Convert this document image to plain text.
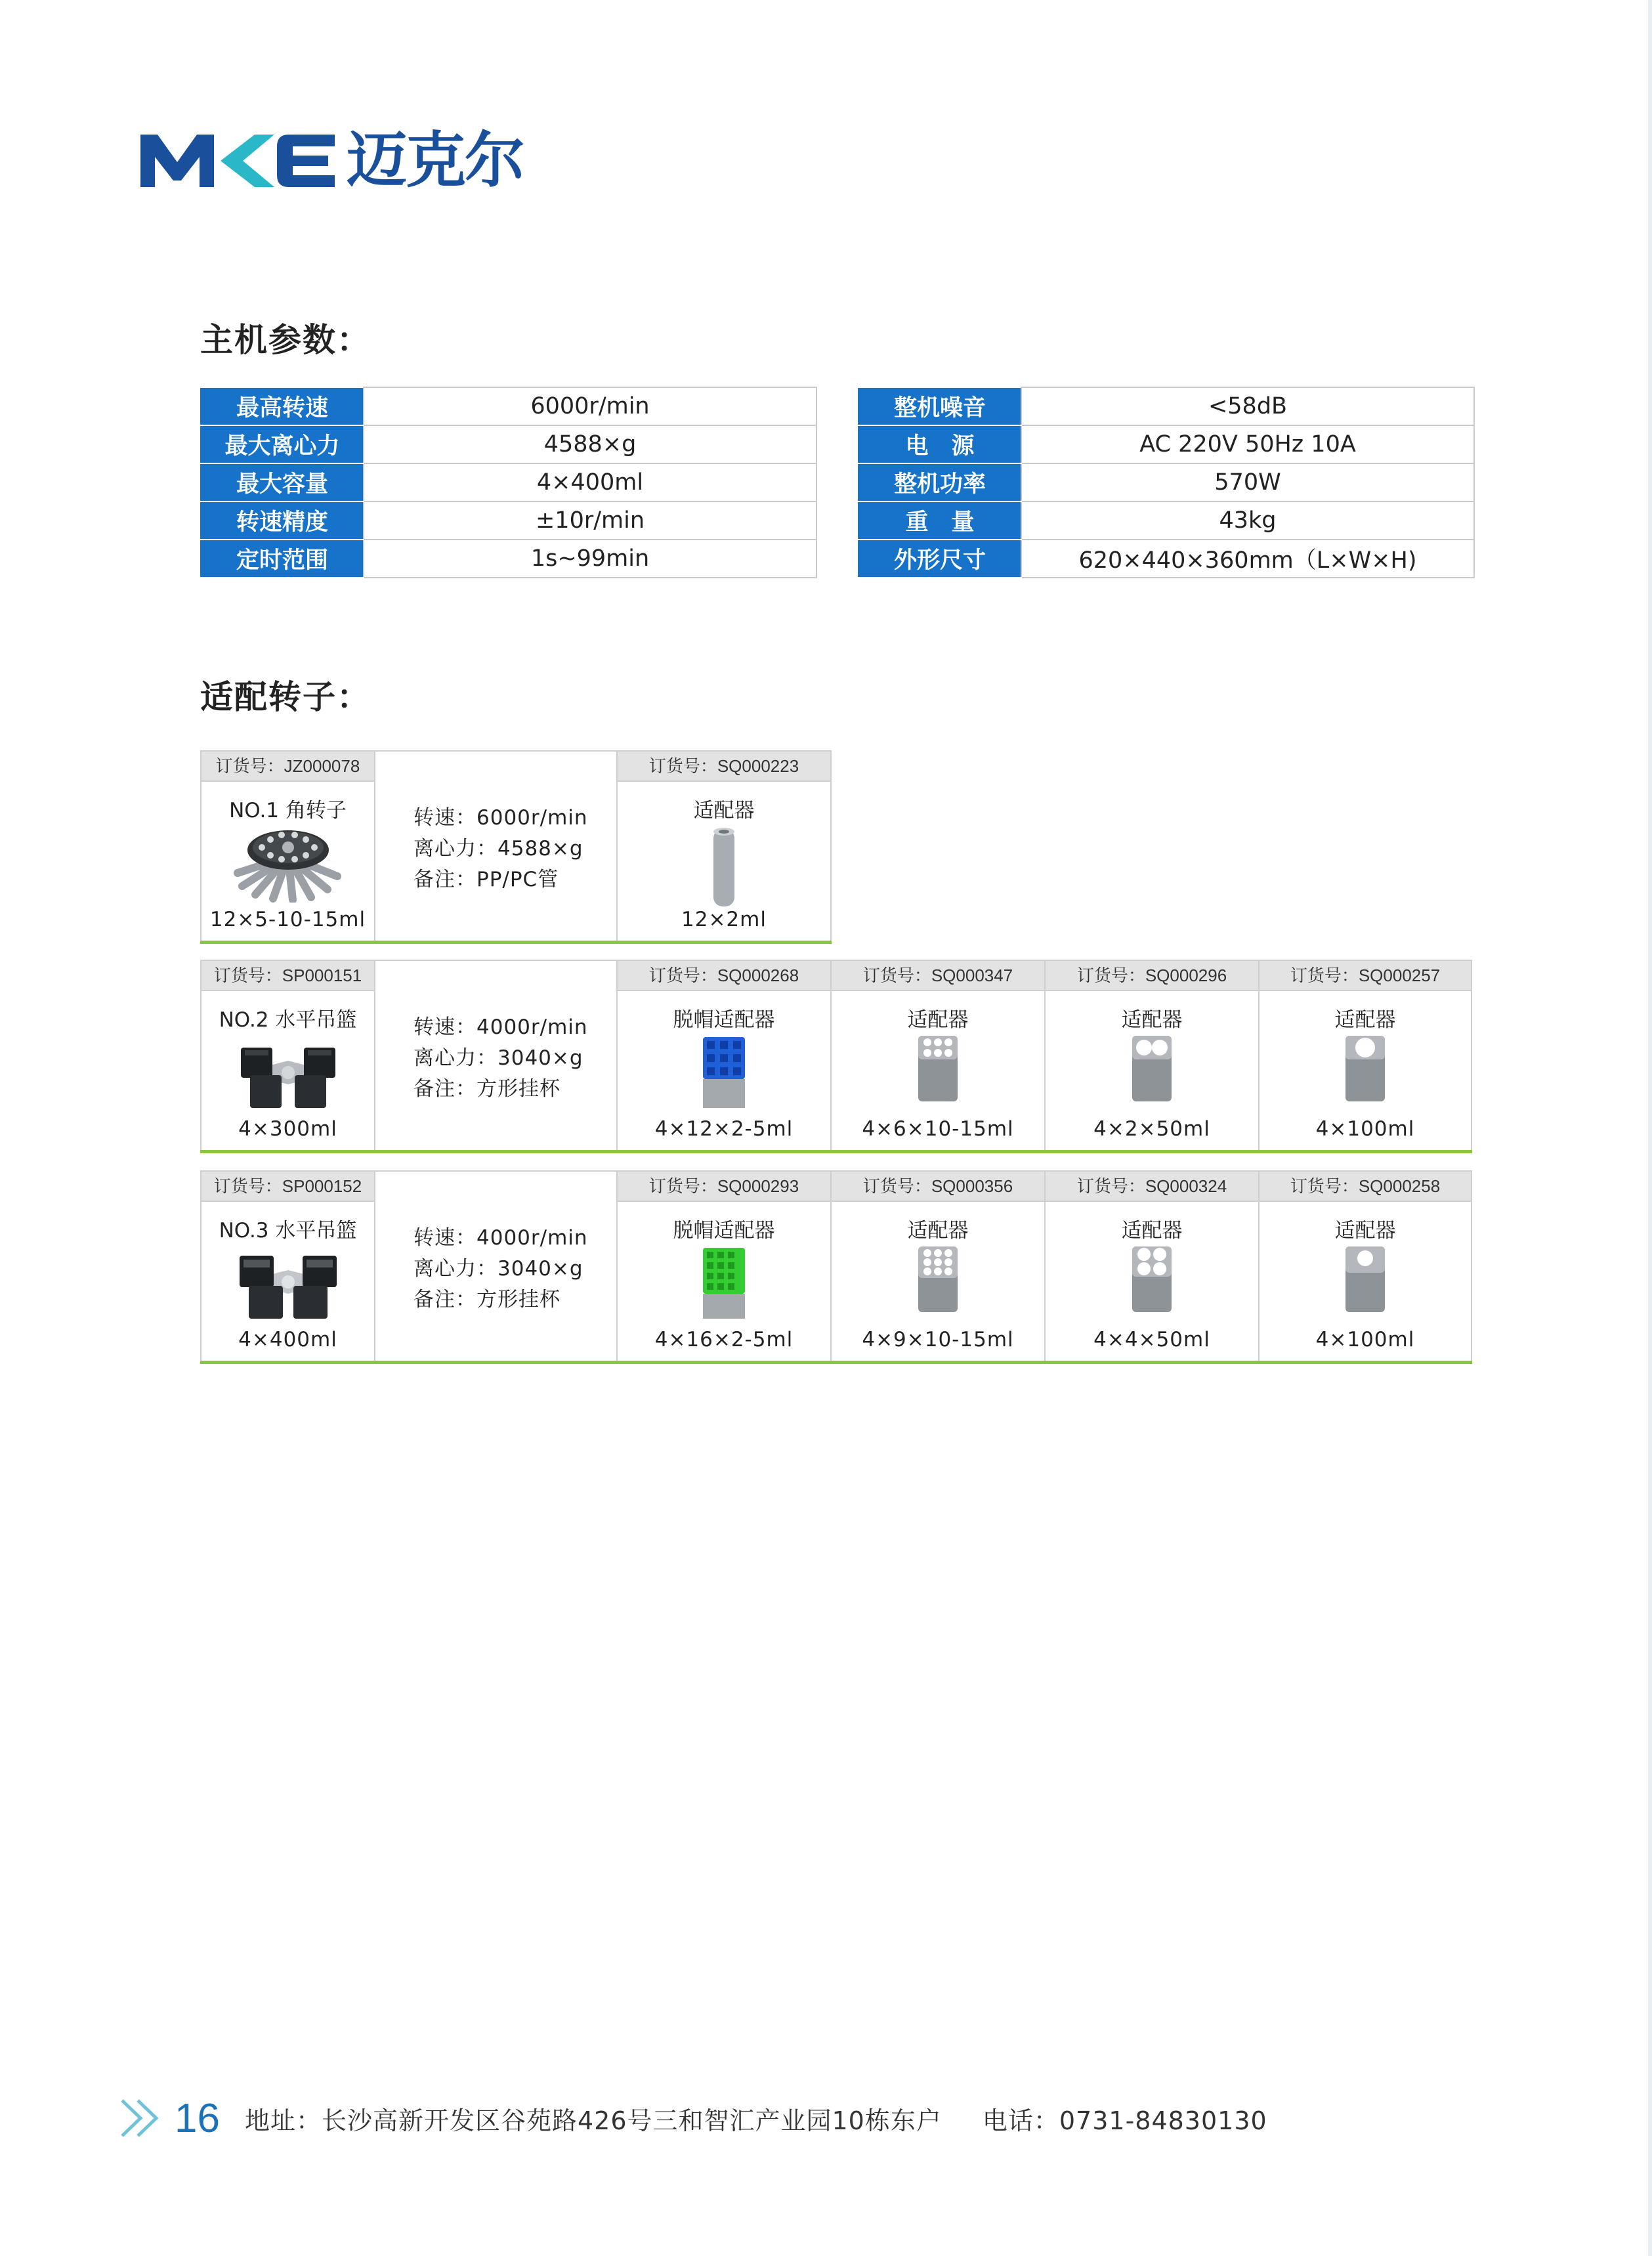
迈克尔
主机参数：
最高转速	6000r/min
最大离心力	4588×g
最大容量	4×400ml
转速精度	±10r/min
定时范围	1s~99min
整机噪音	<58dB
电　源	AC 220V 50Hz 10A
整机功率	570W
重　量	43kg
外形尺寸	620×440×360mm（L×W×H)
适配转子：
订货号：JZ000078
NO.1 角转子
12×5-10-15ml
转速：6000r/min
离心力：4588×g
备注：PP/PC管
订货号：SQ000223
适配器
12×2ml
订货号：SP000151
NO.2 水平吊篮
4×300ml
转速：4000r/min
离心力：3040×g
备注：方形挂杯
订货号：SQ000268
脱帽适配器
4×12×2-5ml
订货号：SQ000347
适配器
4×6×10-15ml
订货号：SQ000296
适配器
4×2×50ml
订货号：SQ000257
适配器
4×100ml
订货号：SP000152
NO.3 水平吊篮
4×400ml
转速：4000r/min
离心力：3040×g
备注：方形挂杯
订货号：SQ000293
脱帽适配器
4×16×2-5ml
订货号：SQ000356
适配器
4×9×10-15ml
订货号：SQ000324
适配器
4×4×50ml
订货号：SQ000258
适配器
4×100ml
16 地址：长沙高新开发区谷苑路426号三和智汇产业园10栋东户 电话：0731-84830130
